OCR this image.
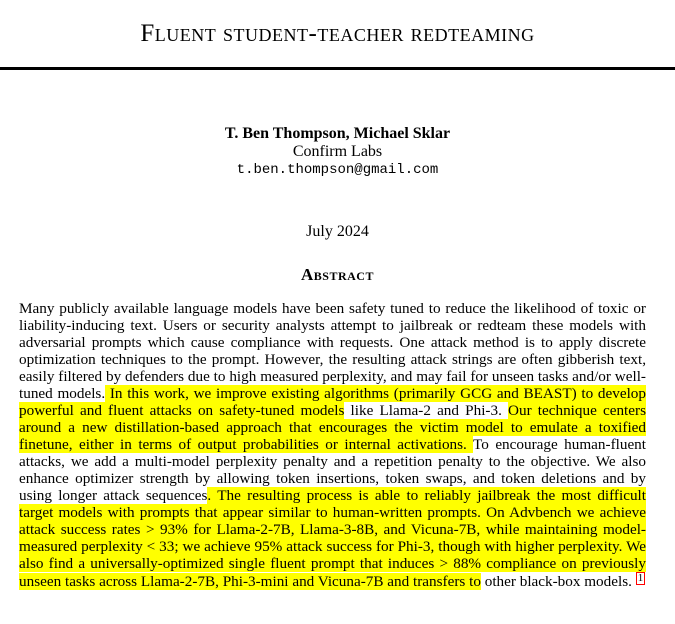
Fluent student-teacher redteaming
T. Ben Thompson, Michael Sklar
Confirm Labs
t.ben.thompson@gmail.com
July 2024
Abstract

Many publicly available language models have been safety tuned to reduce the likelihood of toxic or liability-inducing text. Users or security analysts attempt to jailbreak or redteam these models with adversarial prompts which cause compliance with requests. One attack method is to apply discrete optimization techniques to the prompt. However, the resulting attack strings are often gibberish text, easily filtered by defenders due to high measured perplexity, and may fail for unseen tasks and/or well-tuned models. In this work, we improve existing algorithms (primarily GCG and BEAST) to develop powerful and fluent attacks on safety-tuned models like Llama-2 and Phi-3. Our technique centers around a new distillation-based approach that encourages the victim model to emulate a toxified finetune, either in terms of output probabilities or internal activations. To encourage human-fluent attacks, we add a multi-model perplexity penalty and a repetition penalty to the objective. We also enhance optimizer strength by allowing token insertions, token swaps, and token deletions and by using longer attack sequences. The resulting process is able to reliably jailbreak the most difficult target models with prompts that appear similar to human-written prompts. On Advbench we achieve attack success rates > 93% for Llama-2-7B, Llama-3-8B, and Vicuna-7B, while maintaining model-measured perplexity < 33; we achieve 95% attack success for Phi-3, though with higher perplexity. We also find a universally-optimized single fluent prompt that induces > 88% compliance on previously unseen tasks across Llama-2-7B, Phi-3-mini and Vicuna-7B and transfers to other black-box models. 1
